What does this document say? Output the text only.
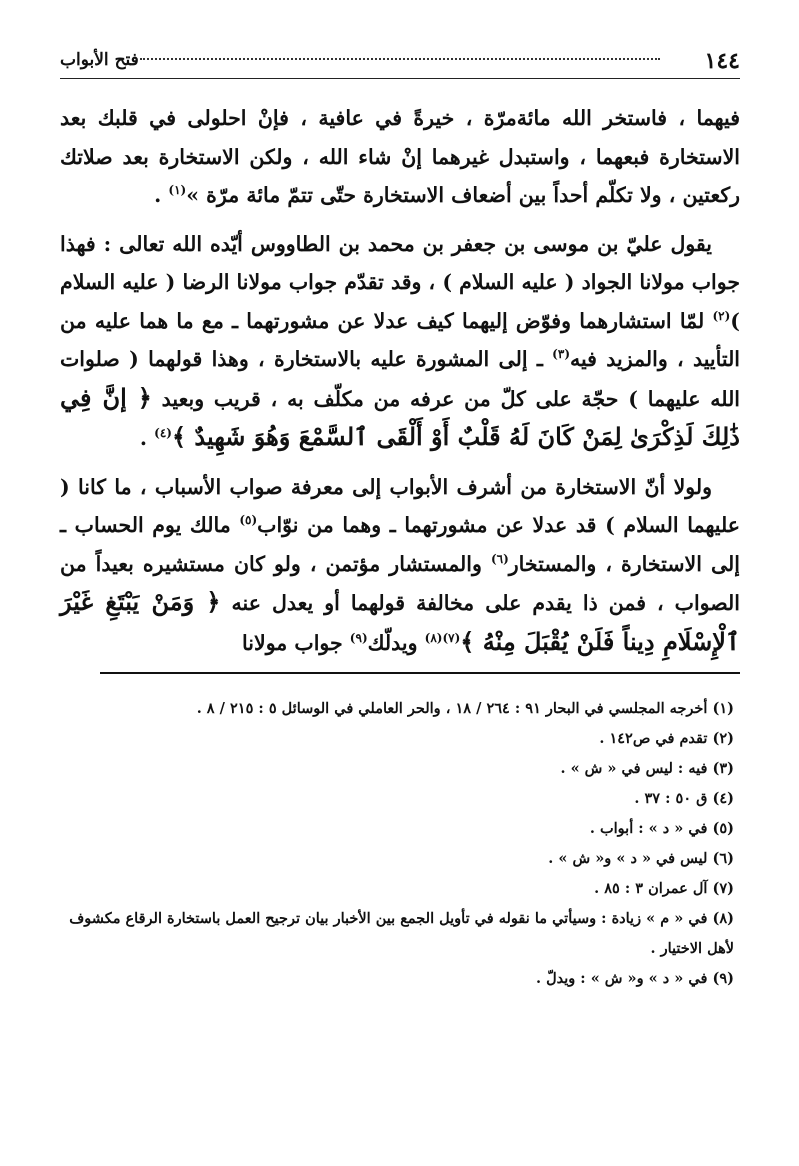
١٤٤
فتح الأبواب

فيهما ، فاستخر الله مائةمرّة ، خيرةً في عافية ، فإنْ احلولى في قلبك بعد الاستخارة فبعهما ، واستبدل غيرهما إنْ شاء الله ، ولكن الاستخارة بعد صلاتك ركعتين ، ولا تكلّم أحداً بين أضعاف الاستخارة حتّى تتمّ مائة مرّة »$^{(١)}$ .

يقول عليّ بن موسى بن جعفر بن محمد بن الطاووس أيّده الله تعالى : فهذا جواب مولانا الجواد ( عليه السلام ) ، وقد تقدّم جواب مولانا الرضا ( عليه السلام )$^{(٢)}$ لمّا استشارهما وفوّض إليهما كيف عدلا عن مشورتهما ـ مع ما هما عليه من التأييد ، والمزيد فيه$^{(٣)}$ ـ إلى المشورة عليه بالاستخارة ، وهذا قولهما ( صلوات الله عليهما ) حجّة على كلّ من عرفه من مكلّف به ، قريب وبعيد ﴿ إنَّ فِي ذَٰلِكَ لَذِكْرَىٰ لِمَنْ كَانَ لَهُ قَلْبٌ أَوْ أَلْقَى ٱلسَّمْعَ وَهُوَ شَهِيدٌ ﴾$^{(٤)}$ .

ولولا أنّ الاستخارة من أشرف الأبواب إلى معرفة صواب الأسباب ، ما كانا ( عليهما السلام ) قد عدلا عن مشورتهما ـ وهما من نوّاب$^{(٥)}$ مالك يوم الحساب ـ إلى الاستخارة ، والمستخار$^{(٦)}$ والمستشار مؤتمن ، ولو كان مستشيره بعيداً من الصواب ، فمن ذا يقدم على مخالفة قولهما أو يعدل عنه ﴿ وَمَنْ يَبْتَغِ غَيْرَ ٱلْإِسْلَامِ دِيناً فَلَنْ يُقْبَلَ مِنْهُ ﴾$^{(٧)(٨)}$ ويدلّك$^{(٩)}$ جواب مولانا

(١) أخرجه المجلسي في البحار ٩١ : ٢٦٤ / ١٨ ، والحر العاملي في الوسائل ٥ : ٢١٥ / ٨ .

(٢) تقدم في ص١٤٢ .

(٣) فيه : ليس في « ش » .

(٤) ق ٥٠ : ٣٧ .

(٥) في « د » : أبواب .

(٦) ليس في « د » و« ش » .

(٧) آل عمران ٣ : ٨٥ .

(٨) في « م » زيادة : وسيأتي ما نقوله في تأويل الجمع بين الأخبار بيان ترجيح العمل باستخارة الرقاع مكشوف لأهل الاختيار .

(٩) في « د » و« ش » : ويدلّ .
